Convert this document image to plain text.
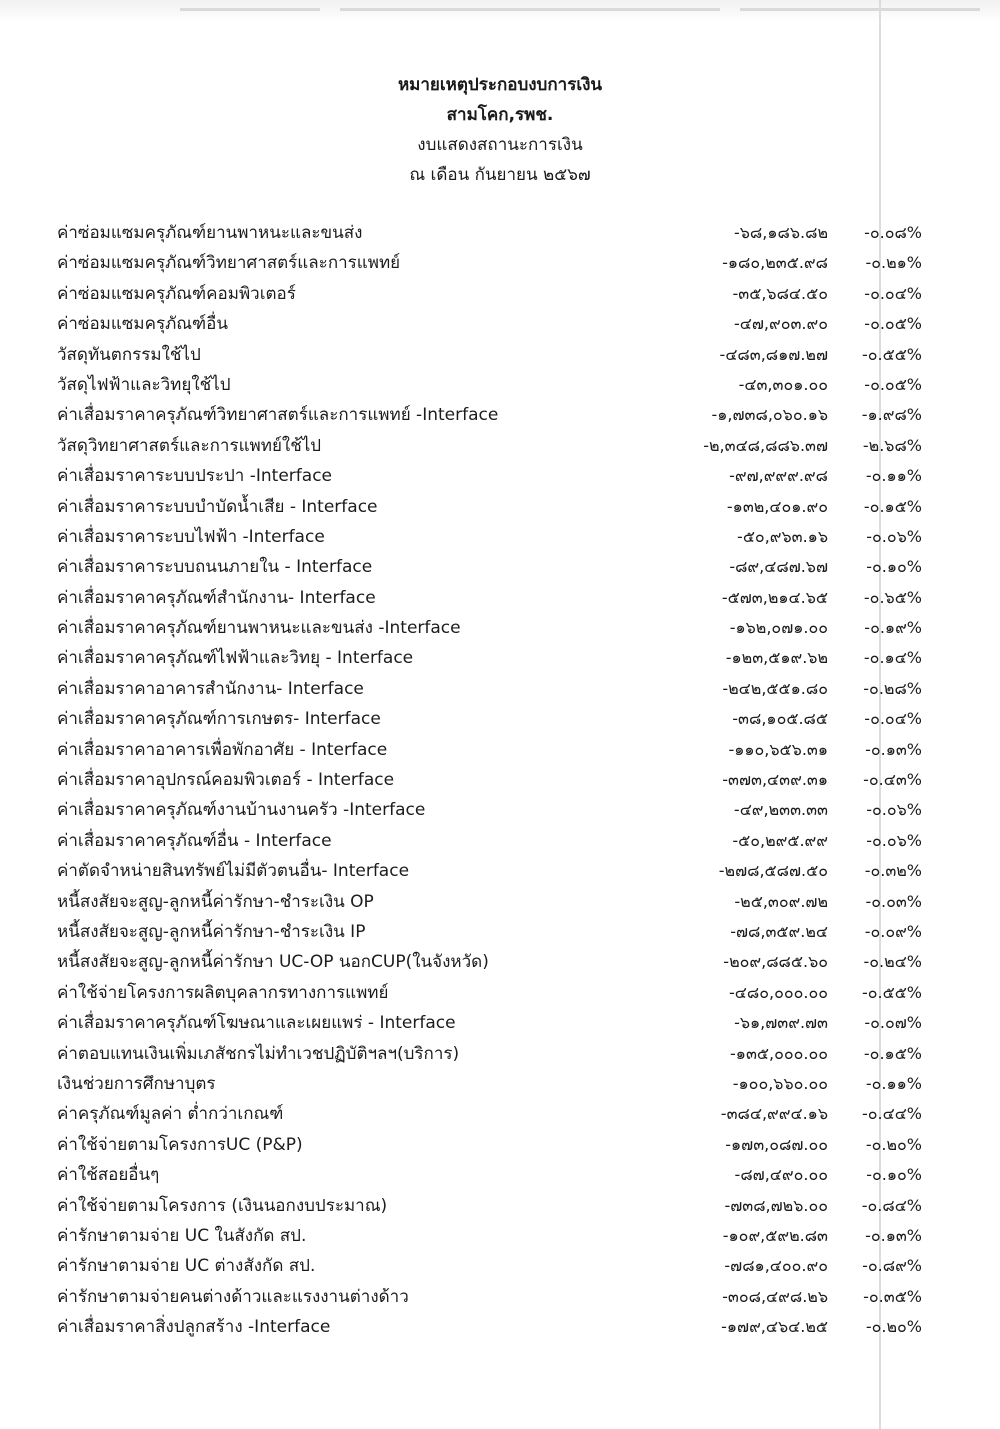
หมายเหตุประกอบงบการเงิน
สามโคก,รพช.
งบแสดงสถานะการเงิน
ณ เดือน กันยายน ๒๕๖๗
ค่าซ่อมแซมครุภัณฑ์ยานพาหนะและขนส่ง	-๖๘,๑๘๖.๘๒ -๐.๐๘%
ค่าซ่อมแซมครุภัณฑ์วิทยาศาสตร์และการแพทย์	-๑๘๐,๒๓๕.๙๘ -๐.๒๑%
ค่าซ่อมแซมครุภัณฑ์คอมพิวเตอร์	-๓๕,๖๘๔.๕๐ -๐.๐๔%
ค่าซ่อมแซมครุภัณฑ์อื่น	-๔๗,๙๐๓.๙๐ -๐.๐๕%
วัสดุทันตกรรมใช้ไป	-๔๘๓,๘๑๗.๒๗ -๐.๕๕%
วัสดุไฟฟ้าและวิทยุใช้ไป	-๔๓,๓๐๑.๐๐ -๐.๐๕%
ค่าเสื่อมราคาครุภัณฑ์วิทยาศาสตร์และการแพทย์ -Interface	-๑,๗๓๘,๐๖๐.๑๖ -๑.๙๘%
วัสดุวิทยาศาสตร์และการแพทย์ใช้ไป	-๒,๓๔๘,๘๘๖.๓๗ -๒.๖๘%
ค่าเสื่อมราคาระบบประปา -Interface	-๙๗,๙๙๙.๙๘ -๐.๑๑%
ค่าเสื่อมราคาระบบบำบัดน้ำเสีย - Interface	-๑๓๒,๔๐๑.๙๐ -๐.๑๕%
ค่าเสื่อมราคาระบบไฟฟ้า -Interface	-๕๐,๙๖๓.๑๖ -๐.๐๖%
ค่าเสื่อมราคาระบบถนนภายใน - Interface	-๘๙,๔๘๗.๖๗ -๐.๑๐%
ค่าเสื่อมราคาครุภัณฑ์สำนักงาน- Interface	-๕๗๓,๒๑๔.๖๕ -๐.๖๕%
ค่าเสื่อมราคาครุภัณฑ์ยานพาหนะและขนส่ง -Interface	-๑๖๒,๐๗๑.๐๐ -๐.๑๙%
ค่าเสื่อมราคาครุภัณฑ์ไฟฟ้าและวิทยุ - Interface	-๑๒๓,๕๑๙.๖๒ -๐.๑๔%
ค่าเสื่อมราคาอาคารสำนักงาน- Interface	-๒๔๒,๕๕๑.๘๐ -๐.๒๘%
ค่าเสื่อมราคาครุภัณฑ์การเกษตร- Interface	-๓๘,๑๐๕.๘๕ -๐.๐๔%
ค่าเสื่อมราคาอาคารเพื่อพักอาศัย - Interface	-๑๑๐,๖๕๖.๓๑ -๐.๑๓%
ค่าเสื่อมราคาอุปกรณ์คอมพิวเตอร์ - Interface	-๓๗๓,๔๓๙.๓๑ -๐.๔๓%
ค่าเสื่อมราคาครุภัณฑ์งานบ้านงานครัว -Interface	-๔๙,๒๓๓.๓๓ -๐.๐๖%
ค่าเสื่อมราคาครุภัณฑ์อื่น - Interface	-๕๐,๒๙๕.๙๙ -๐.๐๖%
ค่าตัดจำหน่ายสินทรัพย์ไม่มีตัวตนอื่น- Interface	-๒๗๘,๕๘๗.๕๐ -๐.๓๒%
หนี้สงสัยจะสูญ-ลูกหนี้ค่ารักษา-ชำระเงิน OP	-๒๕,๓๐๙.๗๒ -๐.๐๓%
หนี้สงสัยจะสูญ-ลูกหนี้ค่ารักษา-ชำระเงิน IP	-๗๘,๓๕๙.๒๔ -๐.๐๙%
หนี้สงสัยจะสูญ-ลูกหนี้ค่ารักษา UC-OP นอกCUP(ในจังหวัด)	-๒๐๙,๘๘๕.๖๐ -๐.๒๔%
ค่าใช้จ่ายโครงการผลิตบุคลากรทางการแพทย์	-๔๘๐,๐๐๐.๐๐ -๐.๕๕%
ค่าเสื่อมราคาครุภัณฑ์โฆษณาและเผยแพร่ - Interface	-๖๑,๗๓๙.๗๓ -๐.๐๗%
ค่าตอบแทนเงินเพิ่มเภสัชกรไม่ทำเวชปฏิบัติฯลฯ(บริการ)	-๑๓๕,๐๐๐.๐๐ -๐.๑๕%
เงินช่วยการศึกษาบุตร	-๑๐๐,๖๖๐.๐๐ -๐.๑๑%
ค่าครุภัณฑ์มูลค่า ต่ำกว่าเกณฑ์	-๓๘๔,๙๙๔.๑๖ -๐.๔๔%
ค่าใช้จ่ายตามโครงการUC (P&P)	-๑๗๓,๐๘๗.๐๐ -๐.๒๐%
ค่าใช้สอยอื่นๆ	-๘๗,๔๙๐.๐๐ -๐.๑๐%
ค่าใช้จ่ายตามโครงการ (เงินนอกงบประมาณ)	-๗๓๘,๗๒๖.๐๐ -๐.๘๔%
ค่ารักษาตามจ่าย UC ในสังกัด สป.	-๑๐๙,๕๙๒.๘๓ -๐.๑๓%
ค่ารักษาตามจ่าย UC ต่างสังกัด สป.	-๗๘๑,๔๐๐.๙๐ -๐.๘๙%
ค่ารักษาตามจ่ายคนต่างด้าวและแรงงานต่างด้าว	-๓๐๘,๔๙๘.๒๖ -๐.๓๕%
ค่าเสื่อมราคาสิ่งปลูกสร้าง -Interface	-๑๗๙,๔๖๔.๒๕ -๐.๒๐%
